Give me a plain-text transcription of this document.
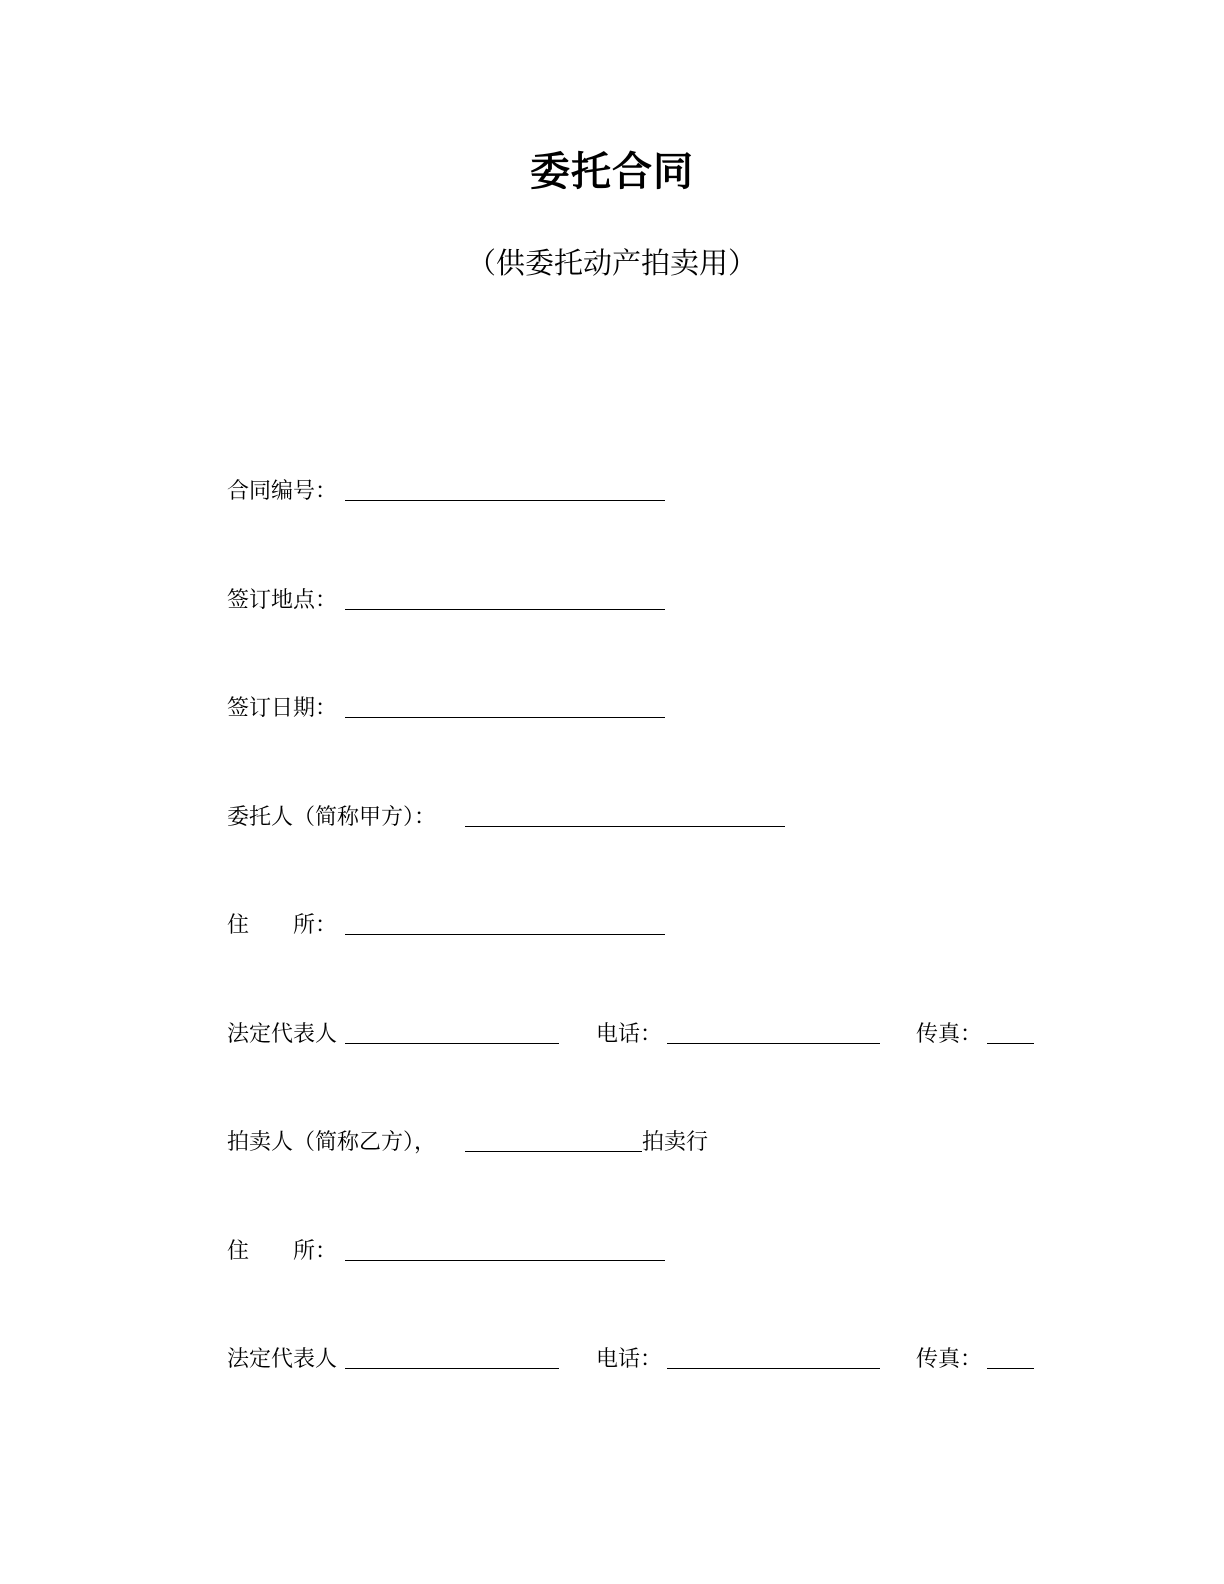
委托合同
（供委托动产拍卖用）
合同编号：
签订地点：
签订日期：
委托人（简称甲方）：
住　　所：
法定代表人	电话：	传真：
拍卖人（简称乙方），	拍卖行
住　　所：
法定代表人	电话：	传真：
